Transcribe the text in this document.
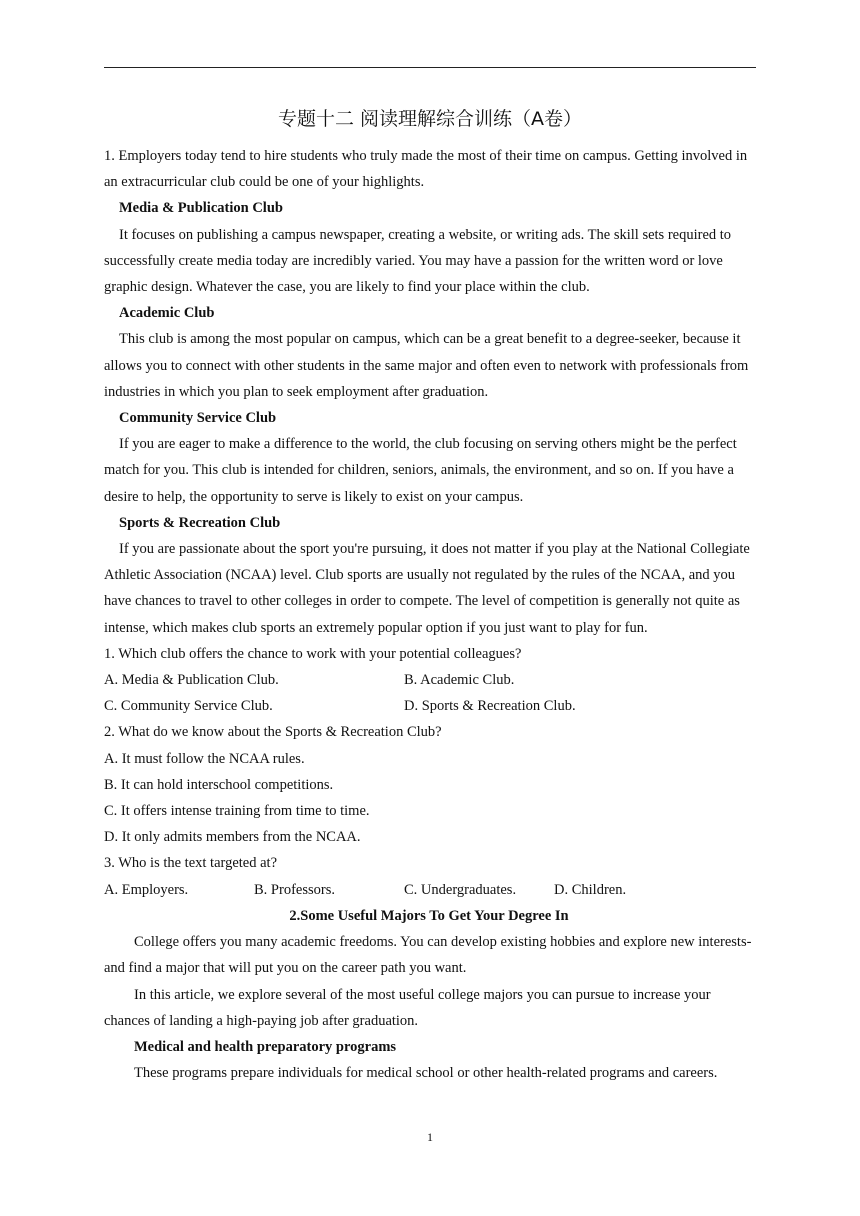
专题十二 阅读理解综合训练（A卷）

1. Employers today tend to hire students who truly made the most of their time on campus. Getting involved in an extracurricular club could be one of your highlights.

Media & Publication Club

It focuses on publishing a campus newspaper, creating a website, or writing ads. The skill sets required to successfully create media today are incredibly varied. You may have a passion for the written word or love graphic design. Whatever the case, you are likely to find your place within the club.

Academic Club

This club is among the most popular on campus, which can be a great benefit to a degree-seeker, because it allows you to connect with other students in the same major and often even to network with professionals from industries in which you plan to seek employment after graduation.

Community Service Club

If you are eager to make a difference to the world, the club focusing on serving others might be the perfect match for you. This club is intended for children, seniors, animals, the environment, and so on. If you have a desire to help, the opportunity to serve is likely to exist on your campus.

Sports & Recreation Club

If you are passionate about the sport you're pursuing, it does not matter if you play at the National Collegiate Athletic Association (NCAA) level. Club sports are usually not regulated by the rules of the NCAA, and you have chances to travel to other colleges in order to compete. The level of competition is generally not quite as intense, which makes club sports an extremely popular option if you just want to play for fun.

1. Which club offers the chance to work with your potential colleagues?

A. Media & Publication Club.	B. Academic Club.
C. Community Service Club.	D. Sports & Recreation Club.

2. What do we know about the Sports & Recreation Club?

A. It must follow the NCAA rules.

B. It can hold interschool competitions.

C. It offers intense training from time to time.

D. It only admits members from the NCAA.

3. Who is the text targeted at?

A. Employers.	B. Professors.	C. Undergraduates.	D. Children.

2.Some Useful Majors To Get Your Degree In

College offers you many academic freedoms. You can develop existing hobbies and explore new interests-and find a major that will put you on the career path you want.

In this article, we explore several of the most useful college majors you can pursue to increase your chances of landing a high-paying job after graduation.

Medical and health preparatory programs

These programs prepare individuals for medical school or other health-related programs and careers.

1
